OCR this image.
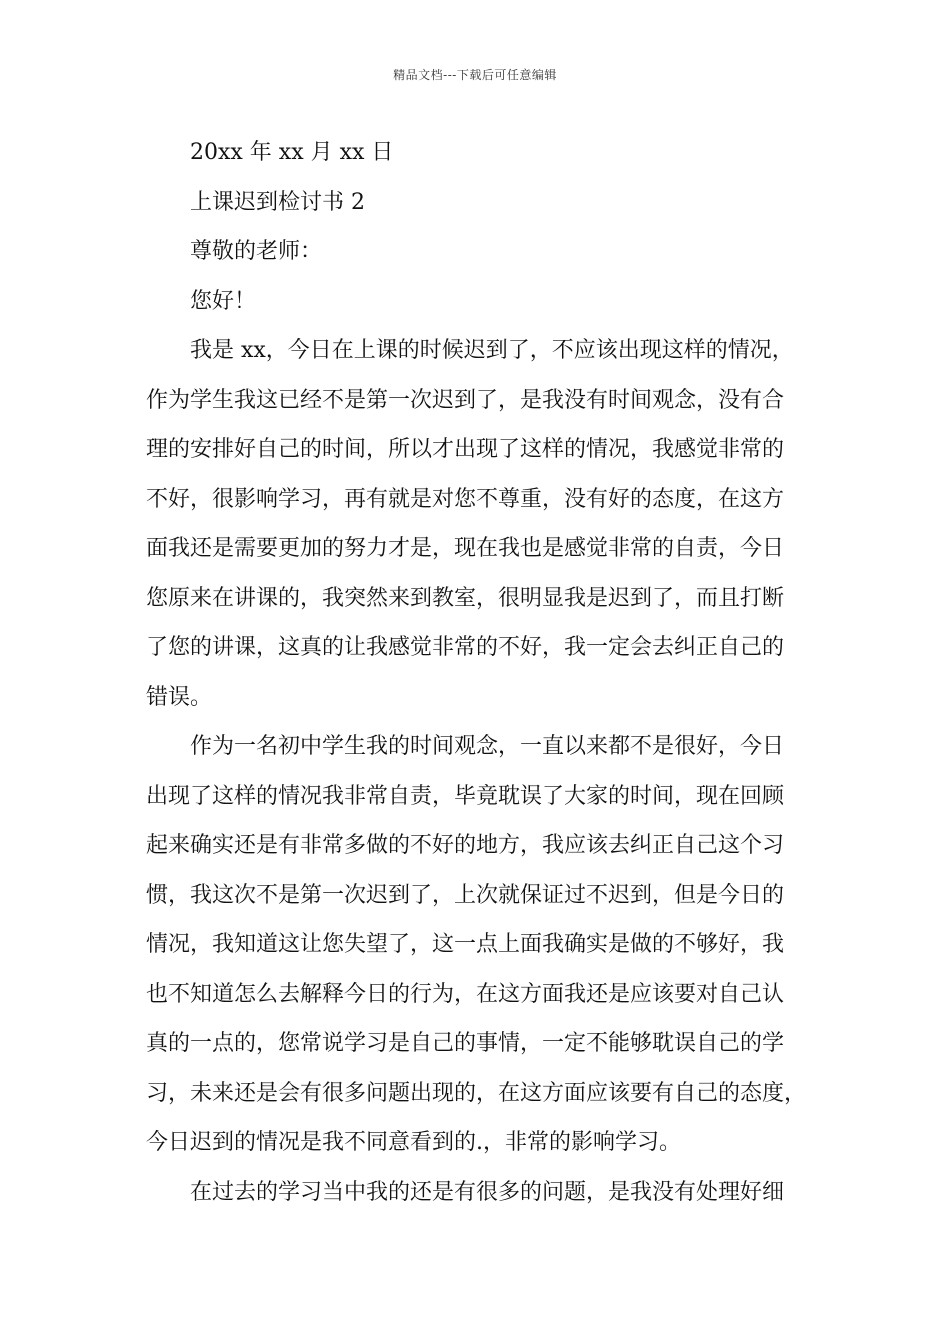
精品文档---下载后可任意编辑
20xx 年 xx 月 xx 日
上课迟到检讨书 2
尊敬的老师：
您好！
我是 xx，今日在上课的时候迟到了，不应该出现这样的情况，
作为学生我这已经不是第一次迟到了，是我没有时间观念，没有合
理的安排好自己的时间，所以才出现了这样的情况，我感觉非常的
不好，很影响学习，再有就是对您不尊重，没有好的态度，在这方
面我还是需要更加的努力才是，现在我也是感觉非常的自责，今日
您原来在讲课的，我突然来到教室，很明显我是迟到了，而且打断
了您的讲课，这真的让我感觉非常的不好，我一定会去纠正自己的
错误。
作为一名初中学生我的时间观念，一直以来都不是很好，今日
出现了这样的情况我非常自责，毕竟耽误了大家的时间，现在回顾
起来确实还是有非常多做的不好的地方，我应该去纠正自己这个习
惯，我这次不是第一次迟到了，上次就保证过不迟到，但是今日的
情况，我知道这让您失望了，这一点上面我确实是做的不够好，我
也不知道怎么去解释今日的行为，在这方面我还是应该要对自己认
真的一点的，您常说学习是自己的事情，一定不能够耽误自己的学
习，未来还是会有很多问题出现的，在这方面应该要有自己的态度，
今日迟到的情况是我不同意看到的.，非常的影响学习。
在过去的学习当中我的还是有很多的问题，是我没有处理好细
